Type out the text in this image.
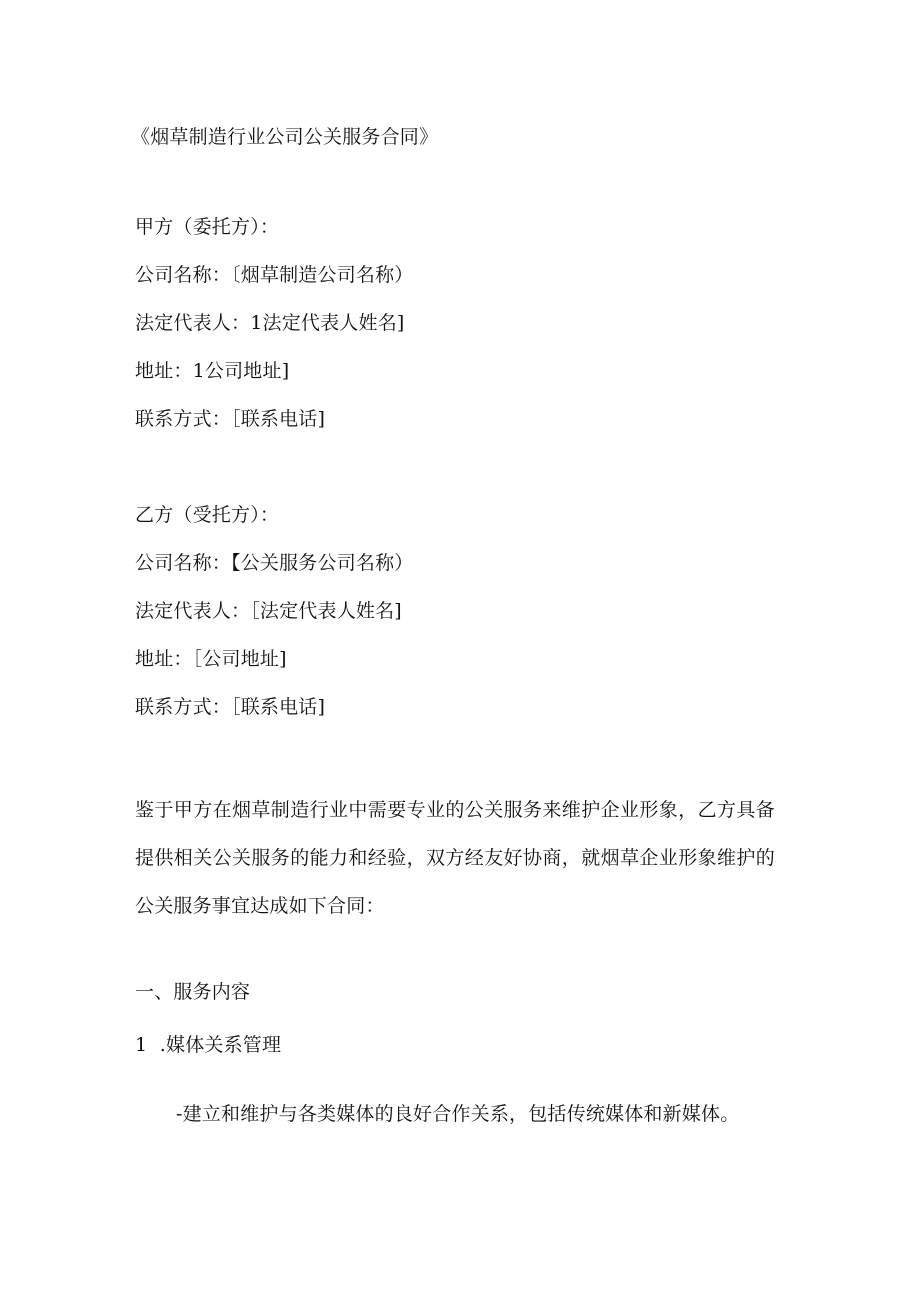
《烟草制造行业公司公关服务合同》
甲方（委托方）：
公司名称：〔烟草制造公司名称）
法定代表人：1法定代表人姓名]
地址：1公司地址]
联系方式：［联系电话]
乙方（受托方）：
公司名称：【公关服务公司名称）
法定代表人：［法定代表人姓名]
地址：［公司地址]
联系方式：［联系电话]
鉴于甲方在烟草制造行业中需要专业的公关服务来维护企业形象，乙方具备提供相关公关服务的能力和经验，双方经友好协商，就烟草企业形象维护的公关服务事宜达成如下合同：
一、服务内容
1  .媒体关系管理
-建立和维护与各类媒体的良好合作关系，包括传统媒体和新媒体。
